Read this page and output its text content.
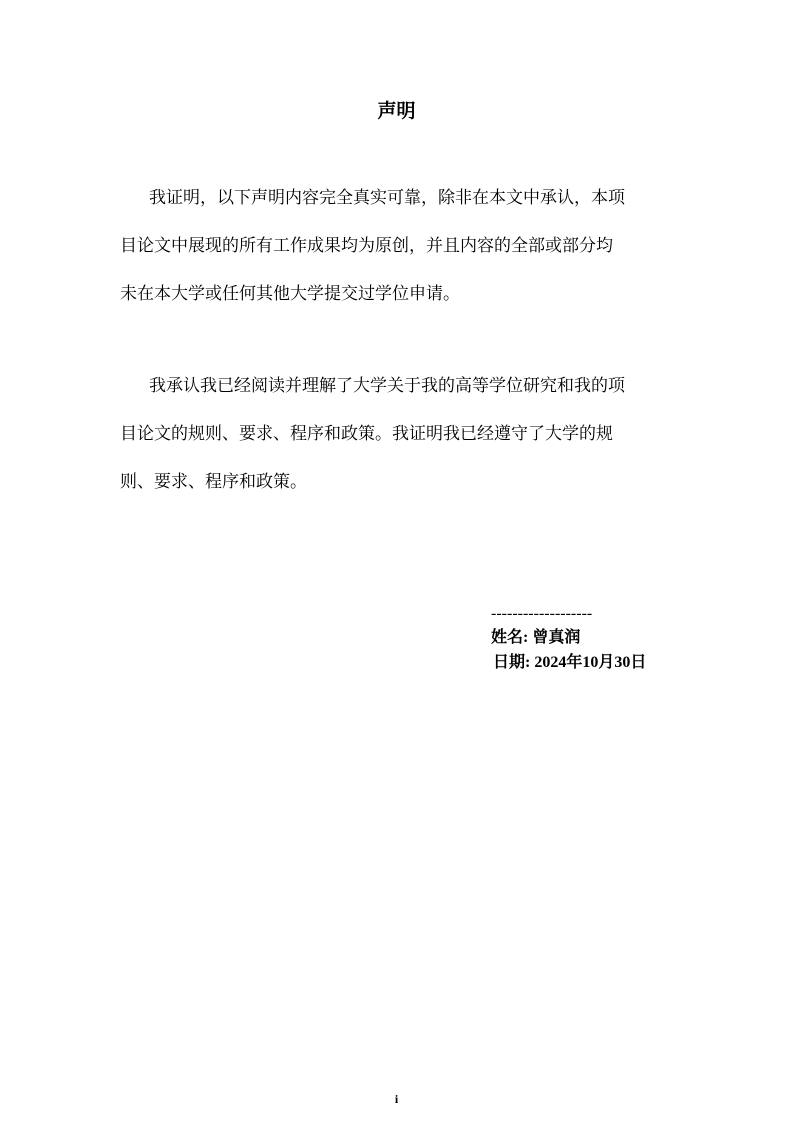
声明
我证明，以下声明内容完全真实可靠，除非在本文中承认，本项
目论文中展现的所有工作成果均为原创，并且内容的全部或部分均
未在本大学或任何其他大学提交过学位申请。
我承认我已经阅读并理解了大学关于我的高等学位研究和我的项
目论文的规则、要求、程序和政策。我证明我已经遵守了大学的规
则、要求、程序和政策。
-------------------
姓名: 曾真润
日期: 2024年10月30日
i
